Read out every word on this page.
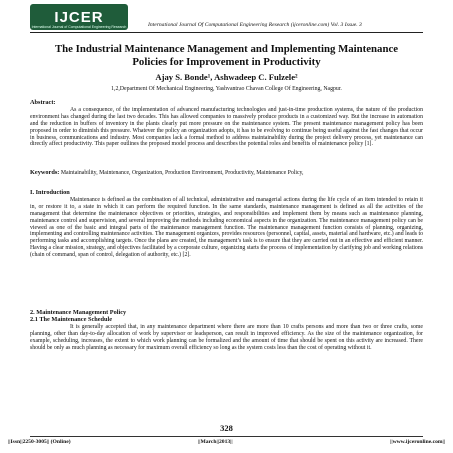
IJCER
International Journal of Computational Engineering Research	International Journal Of Computational Engineering Research (ijceronline.com) Vol. 3 Issue. 3
The Industrial Maintenance Management and Implementing Maintenance Policies for Improvement in Productivity
Ajay S. Bonde¹, Ashwadeep C. Fulzele²
1,2,Department Of Mechanical Engineering, Yashvantrao Chavan College Of Engineering, Nagpur.
Abstract:
As a consequence, of the implementation of advanced manufacturing technologies and just-in-time production systems, the nature of the production environment has changed during the last two decades. This has allowed companies to massively produce products in a customized way. But the increase in automation and the reduction in buffers of inventory in the plants clearly put more pressure on the maintenance system. The present maintenance management policy has been proposed in order to diminish this pressure. Whatever the policy an organization adopts, it has to be evolving to continue being useful against the fast changes that occur in business, communications and industry. Most companies lack a formal method to address maintainability during the project delivery process, yet maintenance can directly affect productivity. This paper outlines the proposed model process and describes the potential roles and benefits of maintenance policy [1].
Keywords: Maintainability, Maintenance, Organization, Production Environment, Productivity, Maintenance Policy,
I. Introduction
Maintenance is defined as the combination of all technical, administrative and managerial actions during the life cycle of an item intended to retain it in, or restore it to, a state in which it can perform the required function. In the same standards, maintenance management is defined as all the activities of the management that determine the maintenance objectives or priorities, strategies, and responsibilities and implement them by means such as maintenance planning, maintenance control and supervision, and several improving the methods including economical aspects in the organization. The maintenance management policy can be viewed as one of the basic and integral parts of the maintenance management function. The maintenance management function consists of planning, organizing, implementing and controlling maintenance activities. The management organizes, provides resources (personnel, capital, assets, material and hardware, etc.) and leads to performing tasks and accomplishing targets. Once the plans are created, the management’s task is to ensure that they are carried out in an effective and efficient manner. Having a clear mission, strategy, and objectives facilitated by a corporate culture, organizing starts the process of implementation by clarifying job and working relations (chain of command, span of control, delegation of authority, etc.) [2].
2. Maintenance Management Policy
2.1 The Maintenance Schedule
It is generally accepted that, in any maintenance department where there are more than 10 crafts persons and more than two or three crafts, some planning, other than day-to-day allocation of work by supervisor or leadsperson, can result in improved efficiency. As the size of the maintenance organization, for example, scheduling, increases, the extent to which work planning can be formalized and the amount of time that should be spent on this activity are increased. There should be only as much planning as necessary for maximum overall efficiency so long as the system costs less than the cost of operating without it.
328
||Issn||2250-3005|| (Online)	||March||2013||	||www.ijceronline.com||
